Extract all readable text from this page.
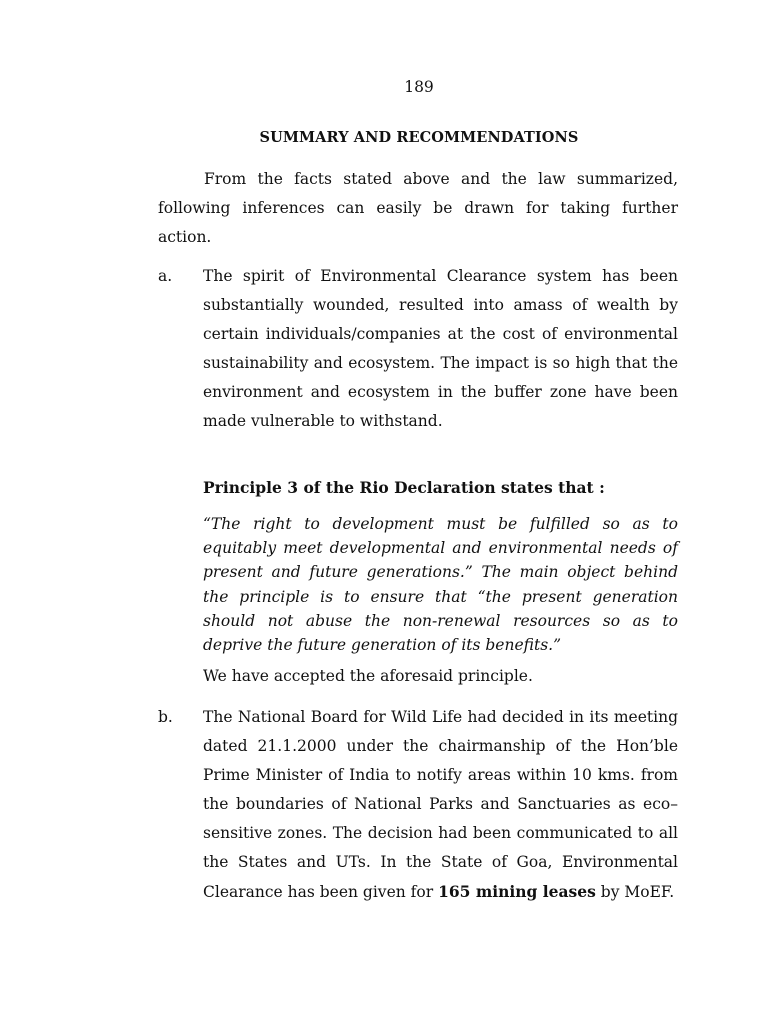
189
SUMMARY AND RECOMMENDATIONS

From the facts stated above and the law summarized, following inferences can easily be drawn for taking further action.

a. The spirit of Environmental Clearance system has been substantially wounded, resulted into amass of wealth by certain individuals/companies at the cost of environmental sustainability and ecosystem. The impact is so high that the environment and ecosystem in the buffer zone have been made vulnerable to withstand.

Principle 3 of the Rio Declaration states that :

“The right to development must be fulfilled so as to equitably meet developmental and environmental needs of present and future generations.” The main object behind the principle is to ensure that “the present generation should not abuse the non-renewal resources so as to deprive the future generation of its benefits.”

We have accepted the aforesaid principle.

b. The National Board for Wild Life had decided in its meeting dated 21.1.2000 under the chairmanship of the Hon’ble Prime Minister of India to notify areas within 10 kms. from the boundaries of National Parks and Sanctuaries as eco–sensitive zones. The decision had been communicated to all the States and UTs. In the State of Goa, Environmental Clearance has been given for 165 mining leases by MoEF.
